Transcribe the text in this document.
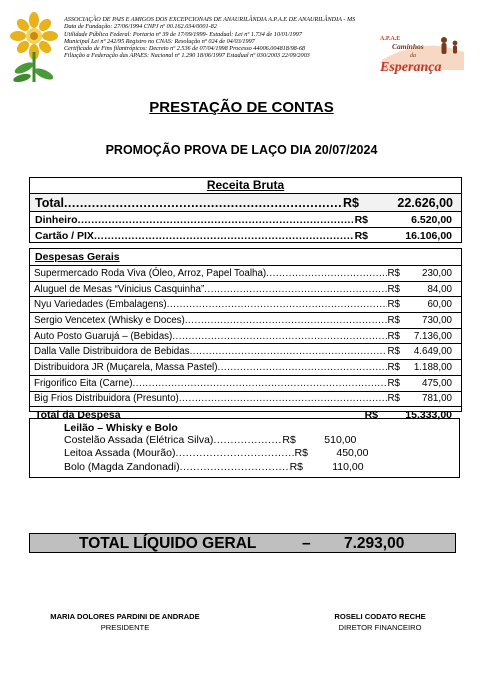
ASSOCIAÇÃO DE PAIS E AMIGOS DOS EXCEPCIONAIS DE ANAURILÂNDIA A.P.A.E DE ANAURILÂNDIA - MS
Data de Fundação: 27/06/1994 CNPJ nº 00.162.034/0001-82
Utilidade Pública Federal: Portaria nº 39 de 17/09/1999- Estadual: Lei nº 1.734 de 10/01/1997
Municipal Lei nº 242/95 Registro no CNAS: Resolução nº 024 de 04/03/1997
Certificado de Fins filantrópicos: Decreto nº 2.536 de 07/04/1998 Processo 44006.004818/98-68
Filiação a Federação das APAES: Nacional nº 1.290 18/06/1997 Estadual nº 030/2003 22/09/2003
A.P.A.E
Caminhos
da
Esperança
PRESTAÇÃO DE CONTAS
PROMOÇÃO PROVA DE LAÇO DIA 20/07/2024
Receita Bruta
Total .....	R$	22.626,00
Dinheiro .....	R$	6.520,00
Cartão / PIX .....	R$	16.106,00
Despesas Gerais
Supermercado Roda Viva (Óleo, Arroz, Papel Toalha) .....	R$	230,00
Aluguel de Mesas “Vinicius Casquinha” .....	R$	84,00
Nyu Variedades (Embalagens) .....	R$	60,00
Sergio Vencetex (Whisky e Doces) .....	R$	730,00
Auto Posto Guarujá – (Bebidas) .....	R$	7.136,00
Dalla Valle Distribuidora de Bebidas .....	R$	4.649,00
Distribuidora JR (Muçarela, Massa Pastel) .....	R$	1.188,00
Frigorifico Eita (Carne) .....	R$	475,00
Big Frios Distribuidora (Presunto) .....	R$	781,00
Total da Despesa	R$	15.333,00
Leilão – Whisky e Bolo
Costelão Assada (Elétrica Silva) .....	R$	510,00
Leitoa Assada (Mourão) .....	R$	450,00
Bolo (Magda Zandonadi) .....	R$	110,00
TOTAL LÍQUIDO GERAL	– 7.293,00
MARIA DOLORES PARDINI DE ANDRADE
PRESIDENTE
ROSELI CODATO RECHE
DIRETOR FINANCEIRO
